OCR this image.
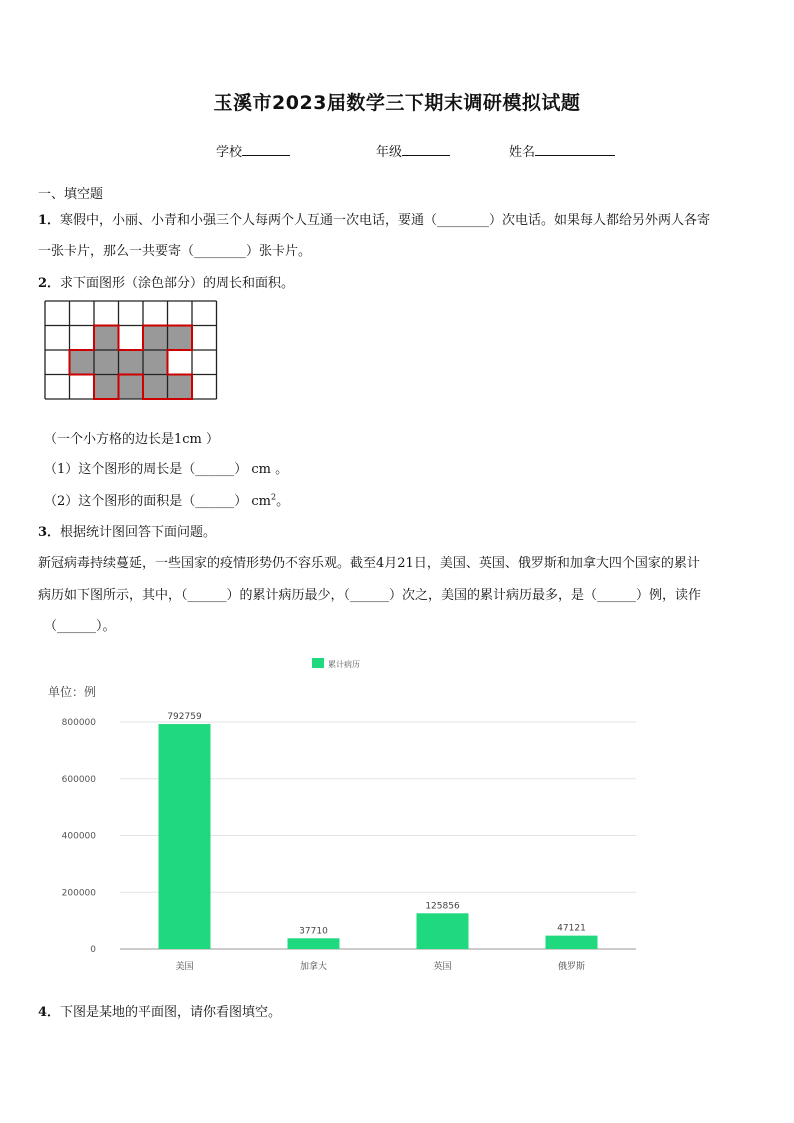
玉溪市2023届数学三下期末调研模拟试题
学校	年级	姓名
一、填空题
1．寒假中，小丽、小青和小强三个人每两个人互通一次电话，要通（________）次电话。如果每人都给另外两人各寄
一张卡片，那么一共要寄（________）张卡片。
2．求下面图形（涂色部分）的周长和面积。
（一个小方格的边长是1cm ）
（1）这个图形的周长是（______） cm 。
（2）这个图形的面积是（______） $cm^2$。
3．根据统计图回答下面问题。
新冠病毒持续蔓延，一些国家的疫情形势仍不容乐观。截至4月21日，美国、英国、俄罗斯和加拿大四个国家的累计
病历如下图所示，其中，（______）的累计病历最少，（______）次之，美国的累计病历最多，是（______）例，读作
（______）。
累计病历
单位：例
0
200000
400000
600000
800000
792759
美国
37710
加拿大
125856
英国
47121
俄罗斯
4．下图是某地的平面图，请你看图填空。
